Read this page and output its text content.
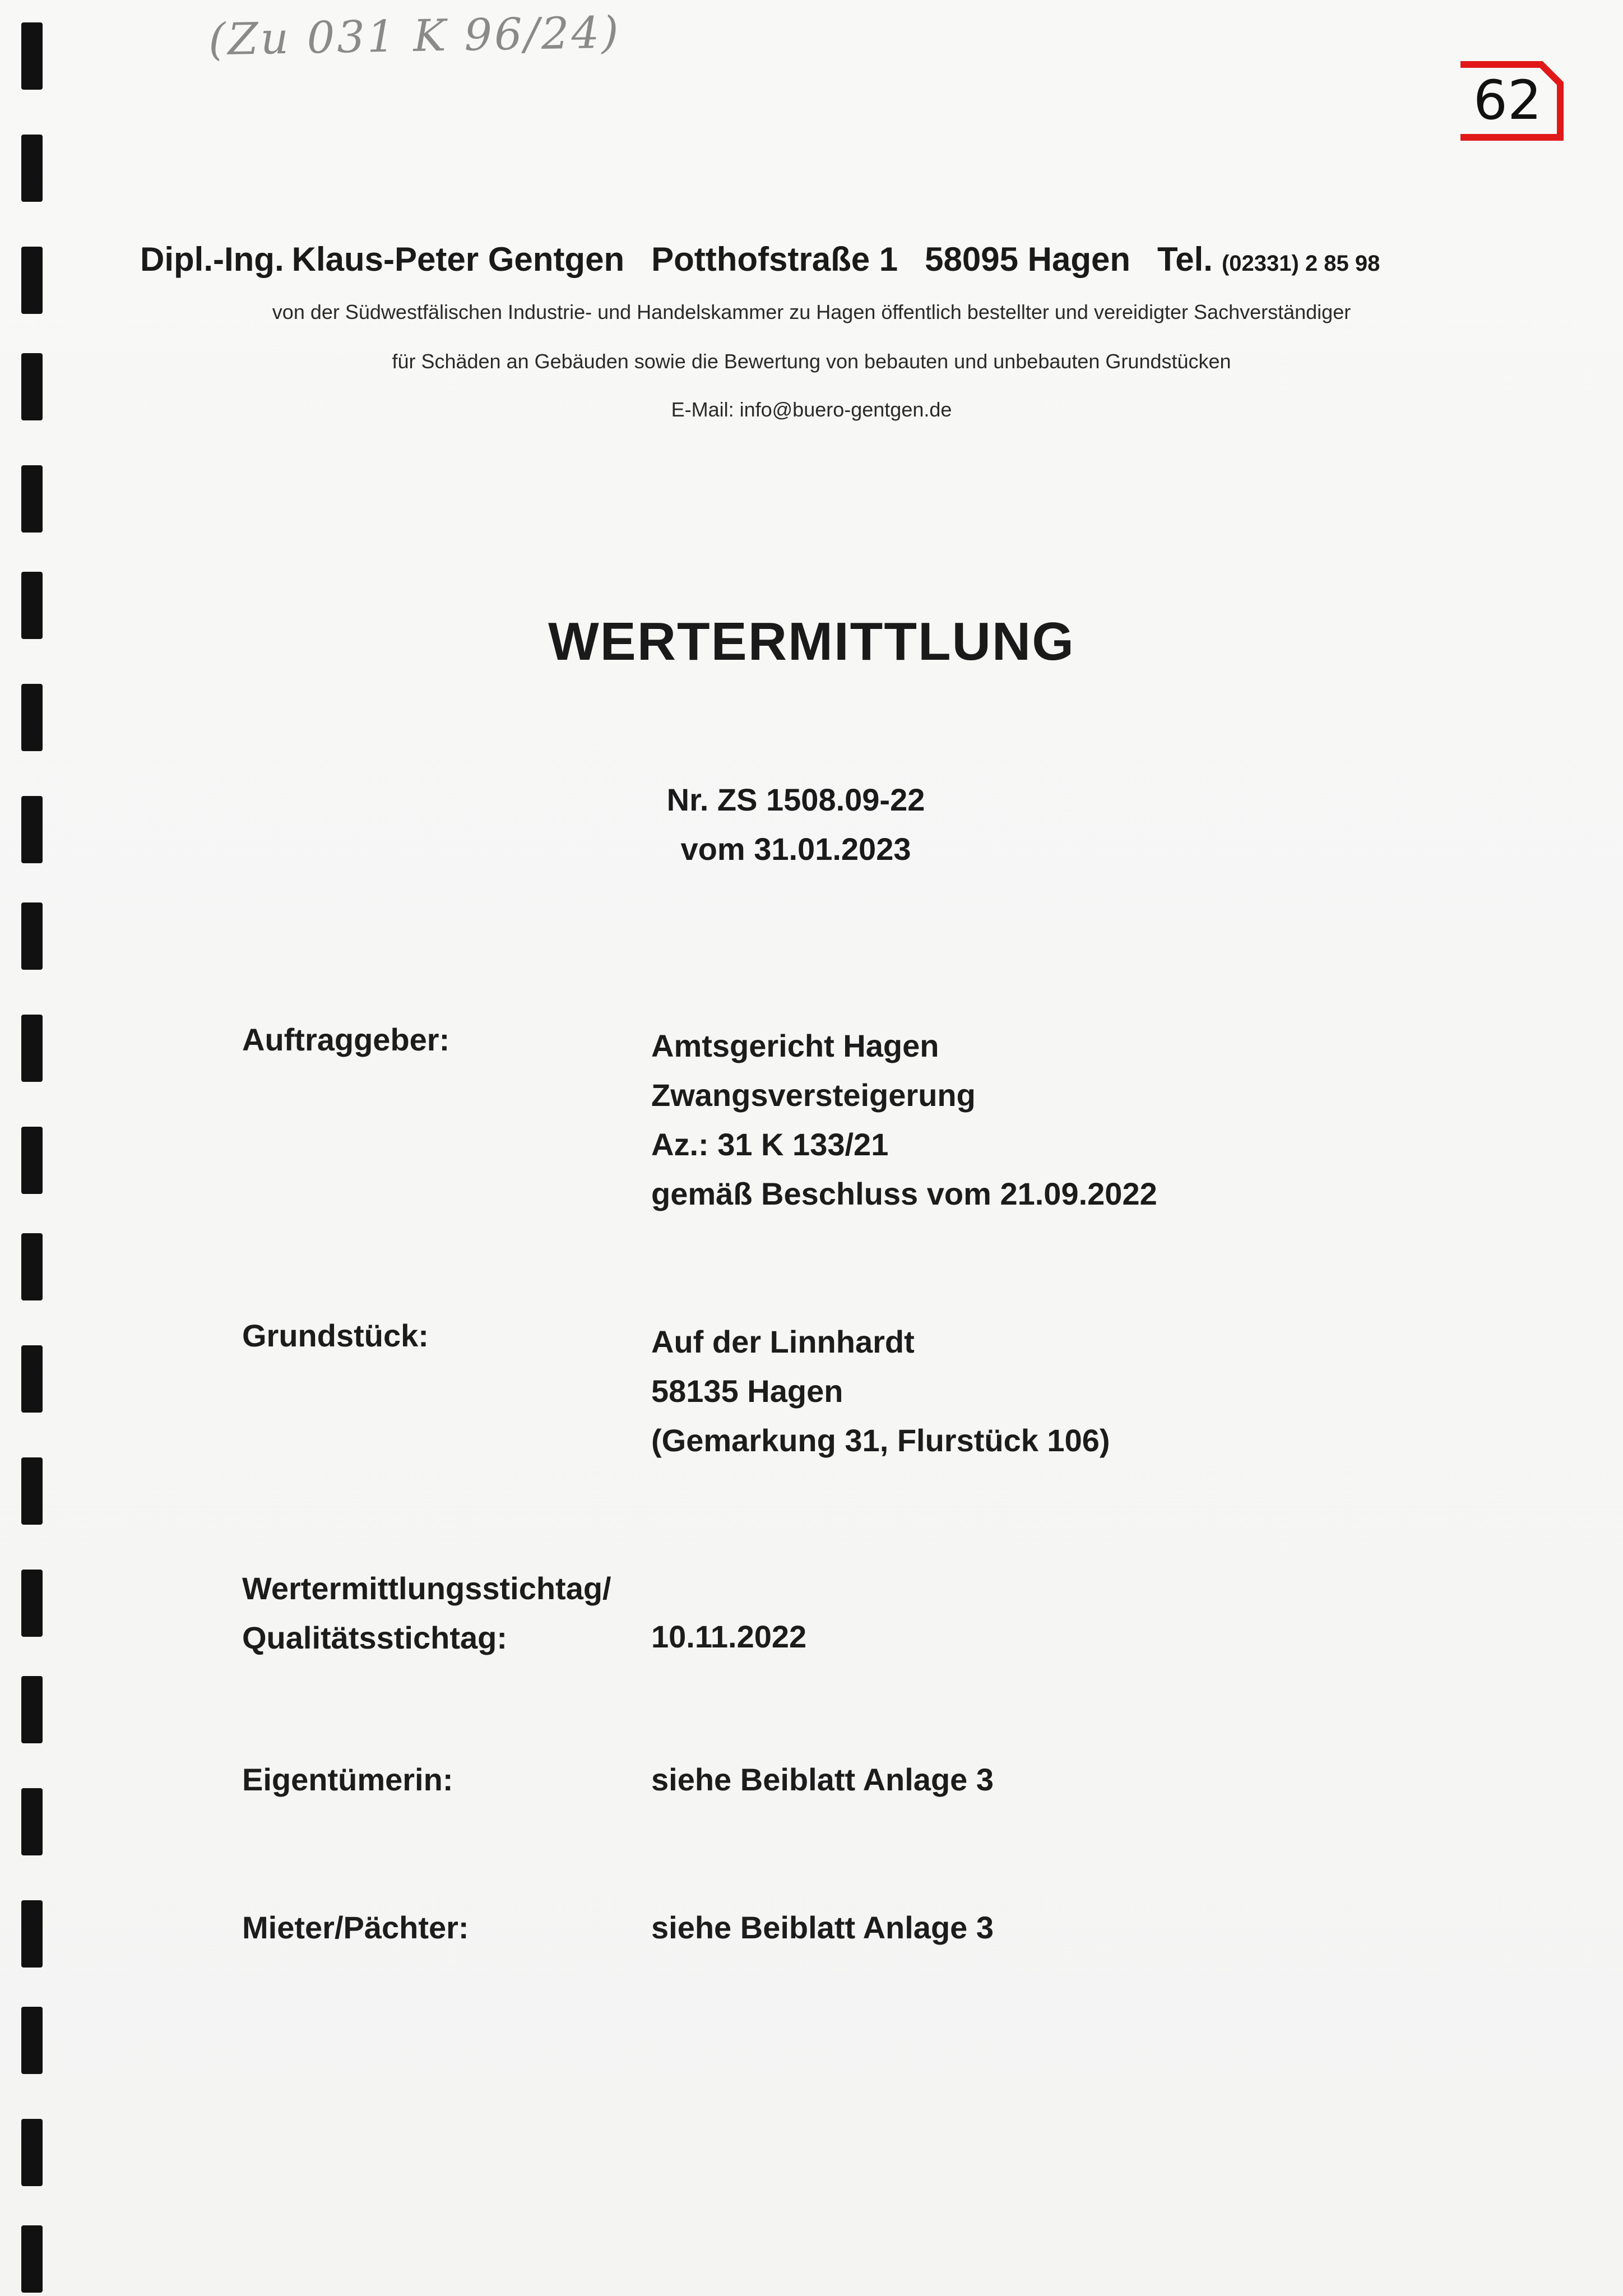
(Zu 031 K 96/24)
62
Dipl.-Ing. Klaus-Peter Gentgen Potthofstraße 1 58095 Hagen Tel. (02331) 2 85 98
von der Südwestfälischen Industrie- und Handelskammer zu Hagen öffentlich bestellter und vereidigter Sachverständiger
für Schäden an Gebäuden sowie die Bewertung von bebauten und unbebauten Grundstücken
E-Mail: info@buero-gentgen.de
WERTERMITTLUNG
Nr. ZS 1508.09-22
vom 31.01.2023
Auftraggeber:	Amtsgericht Hagen
Zwangsversteigerung
Az.: 31 K 133/21
gemäß Beschluss vom 21.09.2022
Grundstück:	Auf der Linnhardt
58135 Hagen
(Gemarkung 31, Flurstück 106)
Wertermittlungsstichtag/
Qualitätsstichtag:	10.11.2022
Eigentümerin:	siehe Beiblatt Anlage 3
Mieter/Pächter:	siehe Beiblatt Anlage 3
